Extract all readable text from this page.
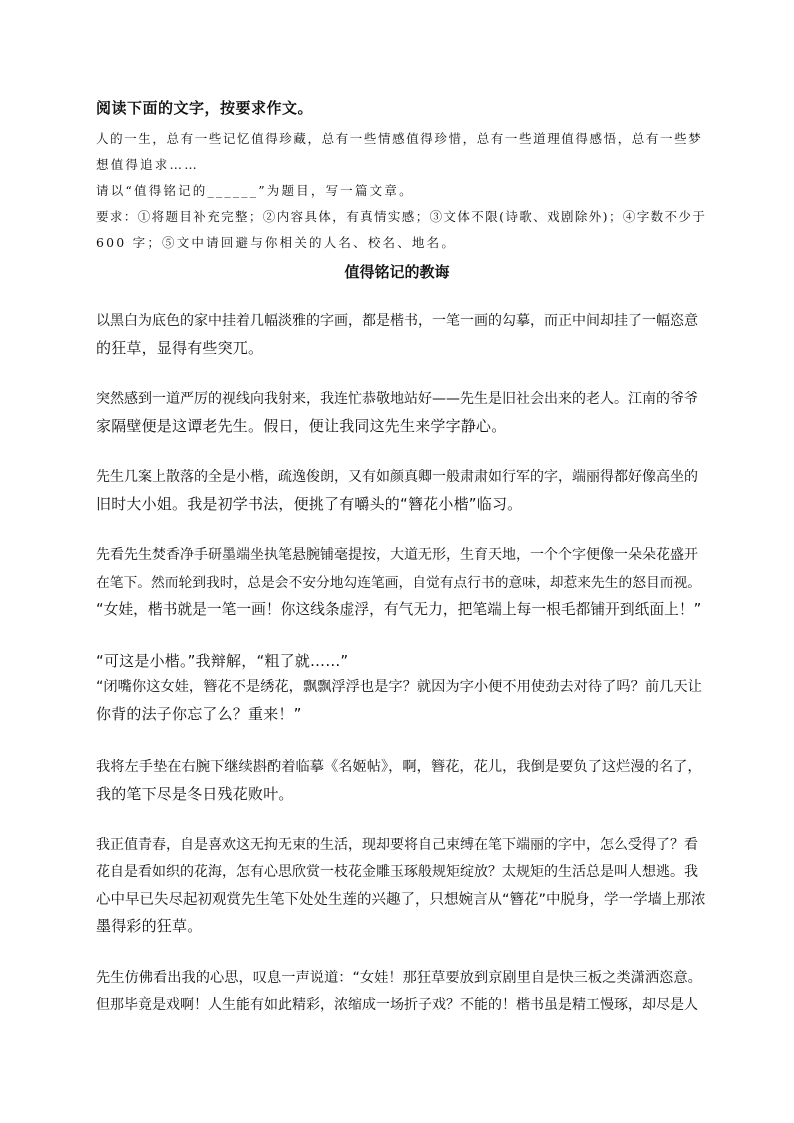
阅读下面的文字，按要求作文。

人的一生，总有一些记忆值得珍藏，总有一些情感值得珍惜，总有一些道理值得感悟，总有一些梦

想值得追求……

请以“值得铭记的______”为题目，写一篇文章。

要求：①将题目补充完整；②内容具体，有真情实感；③文体不限(诗歌、戏剧除外)；④字数不少于

600 字；⑤文中请回避与你相关的人名、校名、地名。

值得铭记的教诲

以黑白为底色的家中挂着几幅淡雅的字画，都是楷书，一笔一画的勾摹，而正中间却挂了一幅恣意

的狂草，显得有些突兀。

突然感到一道严厉的视线向我射来，我连忙恭敬地站好——先生是旧社会出来的老人。江南的爷爷

家隔壁便是这谭老先生。假日，便让我同这先生来学字静心。

先生几案上散落的全是小楷，疏逸俊朗，又有如颜真卿一般肃肃如行军的字，端丽得都好像高坐的

旧时大小姐。我是初学书法，便挑了有嚼头的“簪花小楷”临习。

先看先生焚香净手研墨端坐执笔悬腕铺毫提按，大道无形，生育天地，一个个字便像一朵朵花盛开

在笔下。然而轮到我时，总是会不安分地勾连笔画，自觉有点行书的意味，却惹来先生的怒目而视。

“女娃，楷书就是一笔一画！你这线条虚浮，有气无力，把笔端上每一根毛都铺开到纸面上！”

“可这是小楷。”我辩解，“粗了就……”

“闭嘴你这女娃，簪花不是绣花，飘飘浮浮也是字？就因为字小便不用使劲去对待了吗？前几天让

你背的法子你忘了么？重来！”

我将左手垫在右腕下继续斟酌着临摹《名姬帖》，啊，簪花，花儿，我倒是要负了这烂漫的名了，

我的笔下尽是冬日残花败叶。

我正值青春，自是喜欢这无拘无束的生活，现却要将自己束缚在笔下端丽的字中，怎么受得了？看

花自是看如织的花海，怎有心思欣赏一枝花金雕玉琢般规矩绽放？太规矩的生活总是叫人想逃。我

心中早已失尽起初观赏先生笔下处处生莲的兴趣了，只想婉言从“簪花”中脱身，学一学墙上那浓

墨得彩的狂草。

先生仿佛看出我的心思，叹息一声说道：“女娃！那狂草要放到京剧里自是快三板之类潇洒恣意。

但那毕竟是戏啊！人生能有如此精彩，浓缩成一场折子戏？不能的！楷书虽是精工慢琢，却尽是人
